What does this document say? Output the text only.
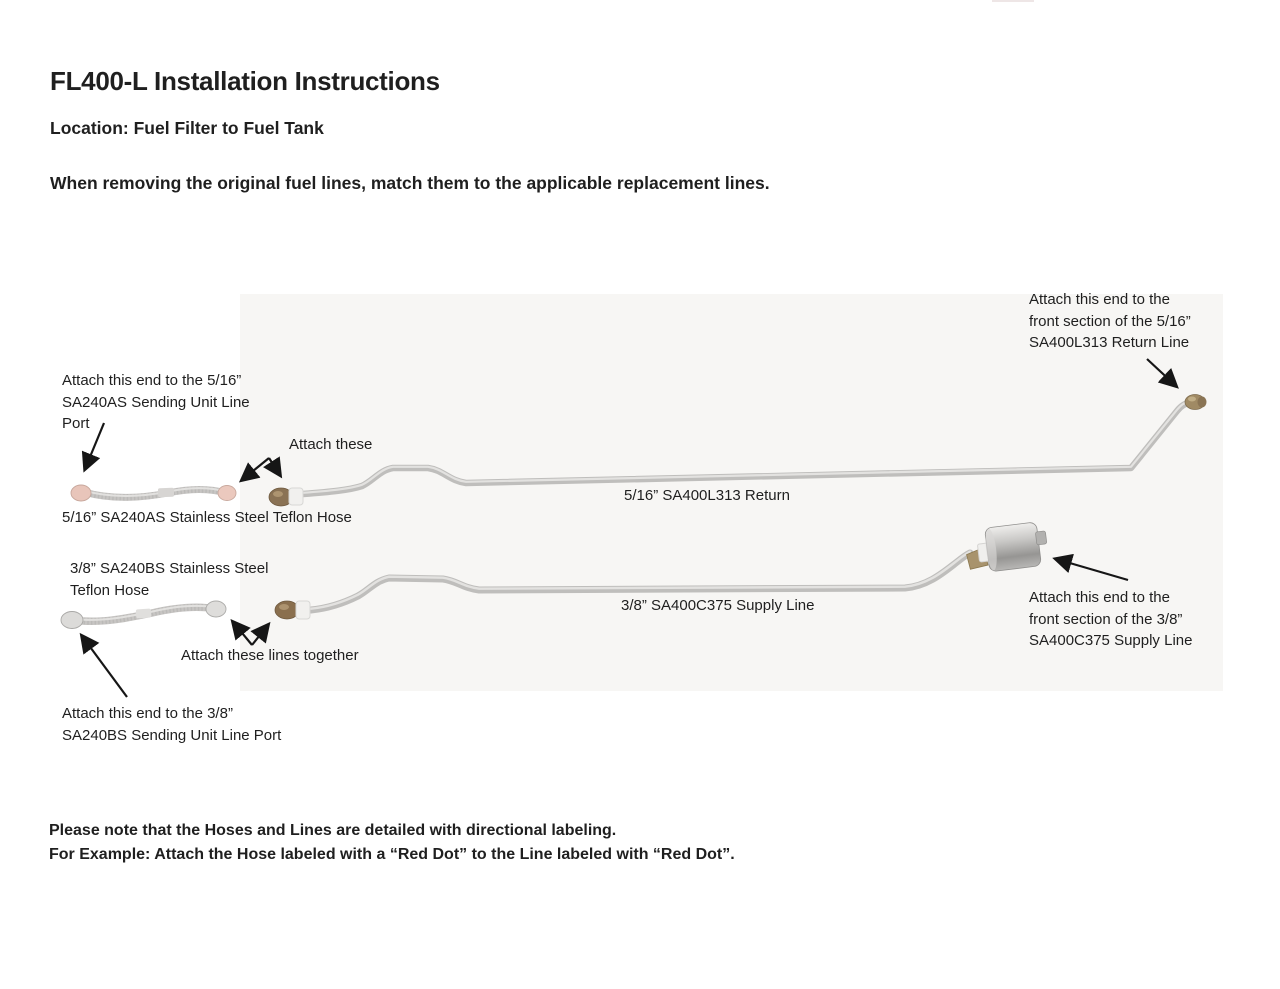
FL400-L Installation Instructions
Location: Fuel Filter to Fuel Tank
When removing the original fuel lines, match them to the applicable replacement lines.
Attach this end to the
front section of the 5/16”
SA400L313 Return Line
Attach this end to the 5/16”
SA240AS Sending Unit Line
Port
Attach these
5/16” SA240AS Stainless Steel Teflon Hose
5/16” SA400L313 Return
3/8” SA240BS Stainless Steel
Teflon Hose
Attach these lines together
3/8” SA400C375 Supply Line
Attach this end to the 3/8”
SA240BS Sending Unit Line Port
Attach this end to the
front section of the 3/8”
SA400C375 Supply Line
Please note that the Hoses and Lines are detailed with directional labeling.
For Example: Attach the Hose labeled with a “Red Dot” to the Line labeled with “Red Dot”.
